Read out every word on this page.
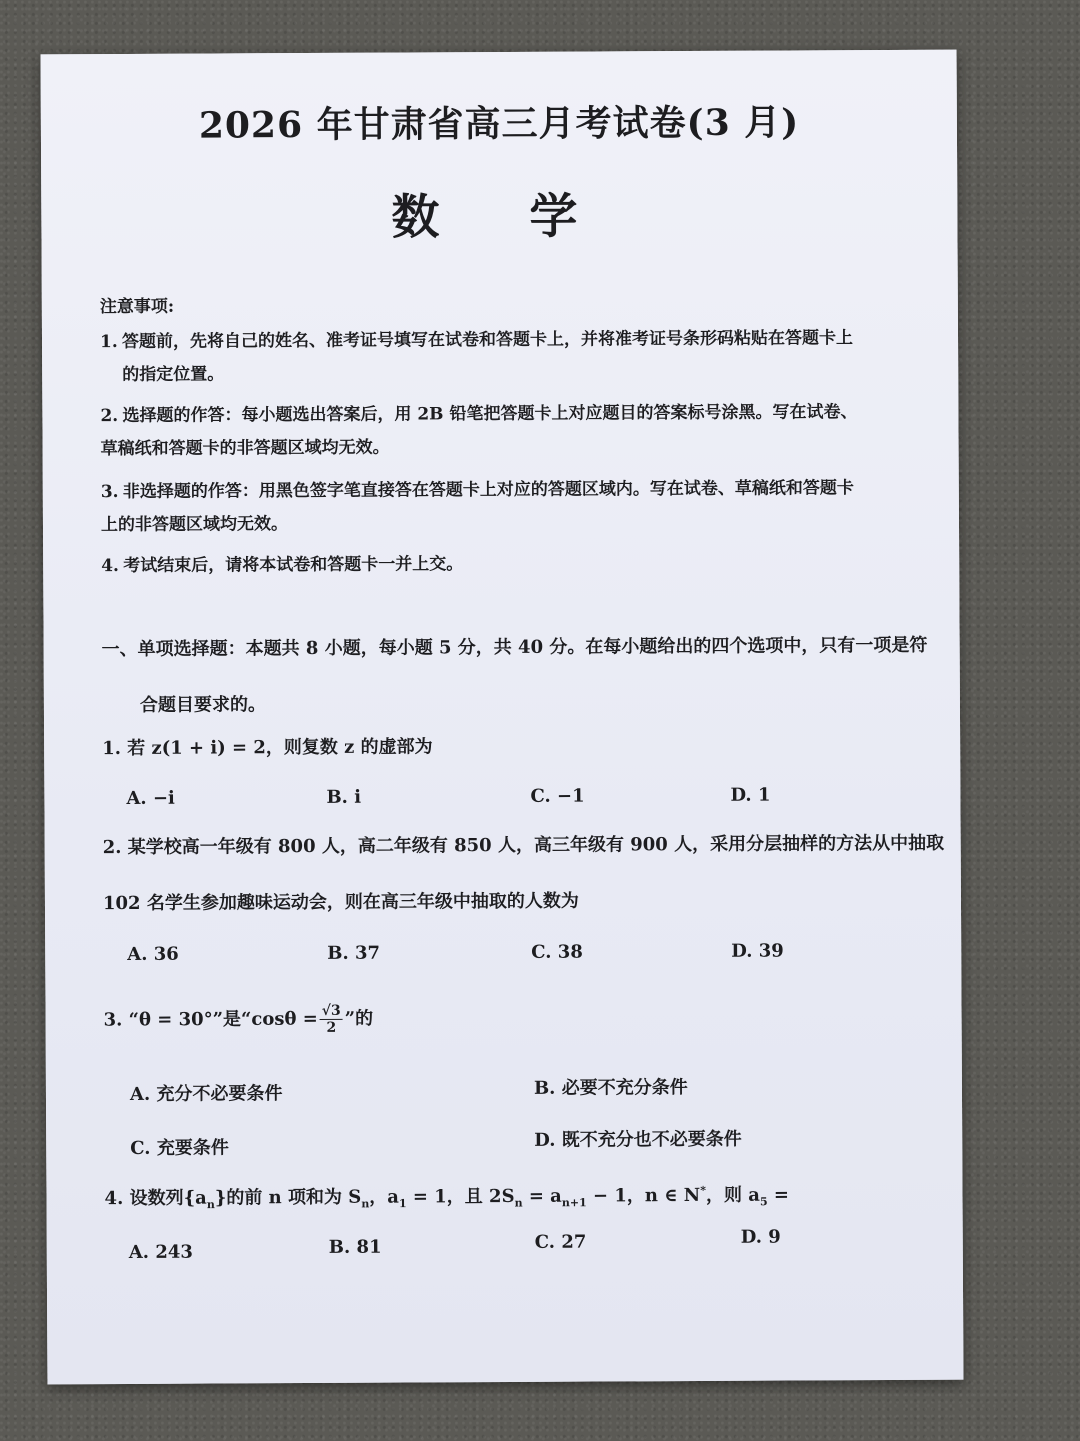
2026 年甘肃省高三月考试卷(3 月)
数学
注意事项:
1. 答题前，先将自己的姓名、准考证号填写在试卷和答题卡上，并将准考证号条形码粘贴在答题卡上
的指定位置。
2. 选择题的作答：每小题选出答案后，用 2B 铅笔把答题卡上对应题目的答案标号涂黑。写在试卷、
草稿纸和答题卡的非答题区域均无效。
3. 非选择题的作答：用黑色签字笔直接答在答题卡上对应的答题区域内。写在试卷、草稿纸和答题卡
上的非答题区域均无效。
4. 考试结束后，请将本试卷和答题卡一并上交。
一、单项选择题：本题共 8 小题，每小题 5 分，共 40 分。在每小题给出的四个选项中，只有一项是符
合题目要求的。
1. 若 z(1 + i) = 2，则复数 z 的虚部为
A. −i	B. i	C. −1	D. 1
2. 某学校高一年级有 800 人，高二年级有 850 人，高三年级有 900 人，采用分层抽样的方法从中抽取
102 名学生参加趣味运动会，则在高三年级中抽取的人数为
A. 36	B. 37	C. 38	D. 39
3. “θ = 30°”是“$\cos\theta = \frac{√3}{2}$ ”的
A. 充分不必要条件	B. 必要不充分条件
C. 充要条件	D. 既不充分也不必要条件
4. 设数列$\{a_n\}$的前 n 项和为 $S_n$，$a_1 = 1$，且 $2S_n = a_{n+1} - 1$，n ∈ N*，则 $a_5$ =
A. 243	B. 81	C. 27	D. 9
